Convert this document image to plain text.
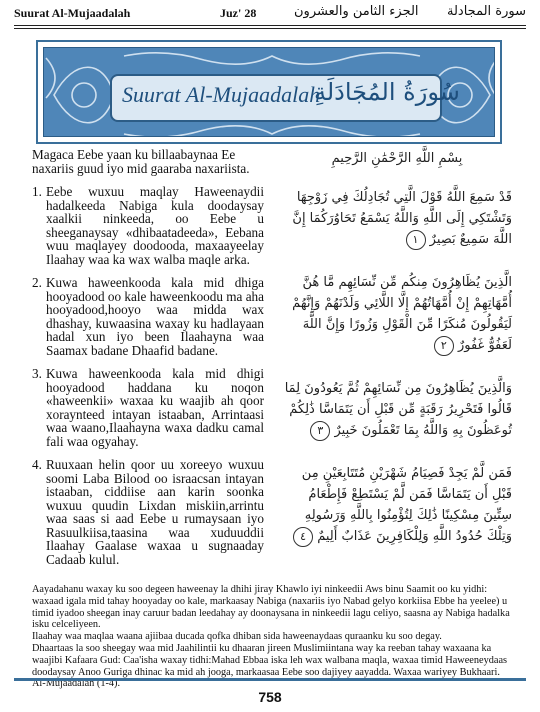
Suurat Al-Mujaadalah	Juz' 28	الجزء الثامن والعشرون سورة المجادلة
Suurat Al-Mujaadalah
سُورَةُ المُجَادَلَةِ

Magaca Eebe yaan ku billaabaynaa Ee naxariis guud iyo mid gaaraba naxariista.

1. Eebe wuxuu maqlay Haweenaydii hadalkeeda Nabiga kula doodaysay xaalkii ninkeeda, oo Eebe u sheeganaysay «dhibaatadeeda», Eebana wuu maqlayey doodooda, maxaayeelay Ilaahay waa ka wax walba maqle arka.
2. Kuwa haweenkooda kala mid dhiga hooyadood oo kale haweenkoodu ma aha hooyadood,hooyo waa midda wax dhashay, kuwaasina waxay ku hadlayaan hadal xun iyo been Ilaahayna waa Saamax badane Dhaafid badane.
3. Kuwa haweenkooda kala mid dhigi hooyadood haddana ku noqon «haweenkii» waxaa ku waajib ah qoor xoraynteed intayan istaaban, Arrintaasi waa waano,Ilaahayna waxa dadku camal fali waa ogyahay.
4. Ruuxaan helin qoor uu xoreeyo wuxuu soomi Laba Bilood oo israacsan intayan istaaban, ciddiise aan karin soonka wuxuu quudin Lixdan miskiin,arrintu waa saas si aad Eebe u rumaysaan iyo Rasuulkiisa,taasina waa xuduuddii Ilaahay Gaalase waxaa u sugnaaday Cadaab kulul.
بِسْمِ اللَّهِ الرَّحْمَٰنِ الرَّحِيمِ
قَدْ سَمِعَ اللَّهُ قَوْلَ الَّتِي تُجَادِلُكَ فِي زَوْجِهَا وَتَشْتَكِي إِلَى اللَّهِ وَاللَّهُ يَسْمَعُ تَحَاوُرَكُمَا إِنَّ اللَّهَ سَمِيعٌ بَصِيرٌ ١
الَّذِينَ يُظَاهِرُونَ مِنكُم مِّن نِّسَائِهِم مَّا هُنَّ أُمَّهَاتِهِمْ إِنْ أُمَّهَاتُهُمْ إِلَّا اللَّائِي وَلَدْنَهُمْ وَإِنَّهُمْ لَيَقُولُونَ مُنكَرًا مِّنَ الْقَوْلِ وَزُورًا وَإِنَّ اللَّهَ لَعَفُوٌّ غَفُورٌ ٢
وَالَّذِينَ يُظَاهِرُونَ مِن نِّسَائِهِمْ ثُمَّ يَعُودُونَ لِمَا قَالُوا فَتَحْرِيرُ رَقَبَةٍ مِّن قَبْلِ أَن يَتَمَاسَّا ذَٰلِكُمْ تُوعَظُونَ بِهِ وَاللَّهُ بِمَا تَعْمَلُونَ خَبِيرٌ ٣
فَمَن لَّمْ يَجِدْ فَصِيَامُ شَهْرَيْنِ مُتَتَابِعَيْنِ مِن قَبْلِ أَن يَتَمَاسَّا فَمَن لَّمْ يَسْتَطِعْ فَإِطْعَامُ سِتِّينَ مِسْكِينًا ذَٰلِكَ لِتُؤْمِنُوا بِاللَّهِ وَرَسُولِهِ وَتِلْكَ حُدُودُ اللَّهِ وَلِلْكَافِرِينَ عَذَابٌ أَلِيمٌ ٤

Aayadahanu waxay ku soo degeen haweenay la dhihi jiray Khawlo iyi ninkeedii Aws binu Saamit oo ku yidhi: waxaad igala mid tahay hooyaday oo kale, markaasay Nabiga (naxariis iyo Nabad gelyo korkiisa Ebbe ha yeelee) u timid iyadoo sheegan inay caruur badan leedahay ay doonaysana in ninkeedii lagu celiyo, saasna ay Nabiga hadalka isku celceliyeen.

Ilaahay waa maqlaa waana ajiibaa ducada qofka dhiban sida haweenaydaas quraanku ku soo degay.

Dhaartaas la soo sheegay waa mid Jaahilintii ku dhaaran jireen Muslimiintana way ka reeban tahay waxaana ka waajibi Kafaara Gud: Caa'isha waxay tidhi:Mahad Ebbaa iska leh wax walbana maqla, waxaa timid Haweeneydaas doodaysay Anoo Guriga dhinac ka mid ah jooga, markaasaa Eebe soo dajiyey aayadda. Waxaa wariyey Bukhaari. Al-Mujaadalah (1-4).

758
